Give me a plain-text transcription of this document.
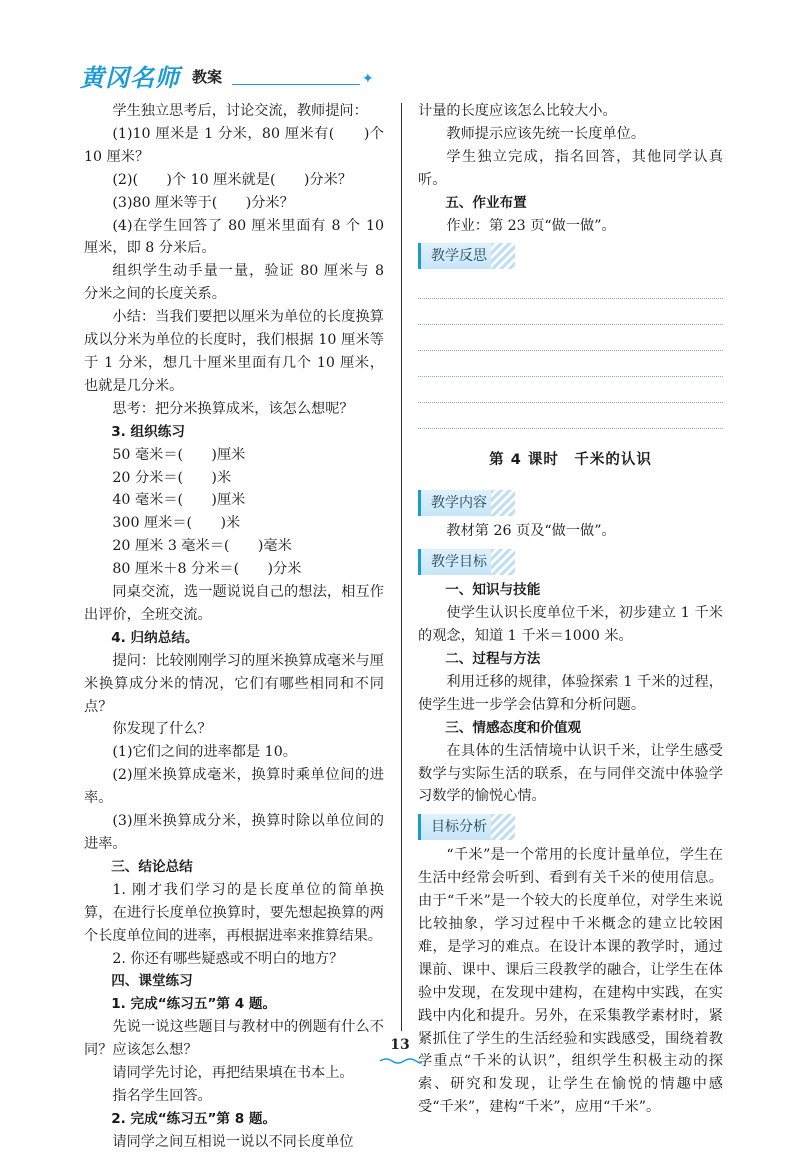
黄冈名师 教案	✦

学生独立思考后，讨论交流，教师提问：

(1)10 厘米是 1 分米，80 厘米有(　　)个 10 厘米？

(2)(　　)个 10 厘米就是(　　)分米？

(3)80 厘米等于(　　)分米？

(4)在学生回答了 80 厘米里面有 8 个 10 厘米，即 8 分米后。

组织学生动手量一量，验证 80 厘米与 8 分米之间的长度关系。

小结：当我们要把以厘米为单位的长度换算成以分米为单位的长度时，我们根据 10 厘米等于 1 分米，想几十厘米里面有几个 10 厘米，也就是几分米。

思考：把分米换算成米，该怎么想呢？

3. 组织练习

50 毫米＝(　　)厘米

20 分米＝(　　)米

40 毫米＝(　　)厘米

300 厘米＝(　　)米

20 厘米 3 毫米＝(　　)毫米

80 厘米＋8 分米＝(　　)分米

同桌交流，选一题说说自己的想法，相互作出评价，全班交流。

4. 归纳总结。

提问：比较刚刚学习的厘米换算成毫米与厘米换算成分米的情况，它们有哪些相同和不同点？

你发现了什么？

(1)它们之间的进率都是 10。

(2)厘米换算成毫米，换算时乘单位间的进率。

(3)厘米换算成分米，换算时除以单位间的进率。

三、结论总结

1. 刚才我们学习的是长度单位的简单换算，在进行长度单位换算时，要先想起换算的两个长度单位间的进率，再根据进率来推算结果。

2. 你还有哪些疑惑或不明白的地方？

四、课堂练习

1. 完成“练习五”第 4 题。

先说一说这些题目与教材中的例题有什么不同？应该怎么想？

请同学先讨论，再把结果填在书本上。

指名学生回答。

2. 完成“练习五”第 8 题。

请同学之间互相说一说以不同长度单位

计量的长度应该怎么比较大小。

教师提示应该先统一长度单位。

学生独立完成，指名回答，其他同学认真听。

五、作业布置

作业：第 23 页“做一做”。

教学反思
第 4 课时　千米的认识
教学内容

教材第 26 页及“做一做”。

教学目标

一、知识与技能

使学生认识长度单位千米，初步建立 1 千米的观念，知道 1 千米＝1000 米。

二、过程与方法

利用迁移的规律，体验探索 1 千米的过程，使学生进一步学会估算和分析问题。

三、情感态度和价值观

在具体的生活情境中认识千米，让学生感受数学与实际生活的联系，在与同伴交流中体验学习数学的愉悦心情。

目标分析

“千米”是一个常用的长度计量单位，学生在生活中经常会听到、看到有关千米的使用信息。由于“千米”是一个较大的长度单位，对学生来说比较抽象，学习过程中千米概念的建立比较困难，是学习的难点。在设计本课的教学时，通过课前、课中、课后三段教学的融合，让学生在体验中发现，在发现中建构，在建构中实践，在实践中内化和提升。另外，在采集教学素材时，紧紧抓住了学生的生活经验和实践感受，围绕着教学重点“千米的认识”，组织学生积极主动的探索、研究和发现，让学生在愉悦的情趣中感受“千米”，建构“千米”，应用“千米”。

13
